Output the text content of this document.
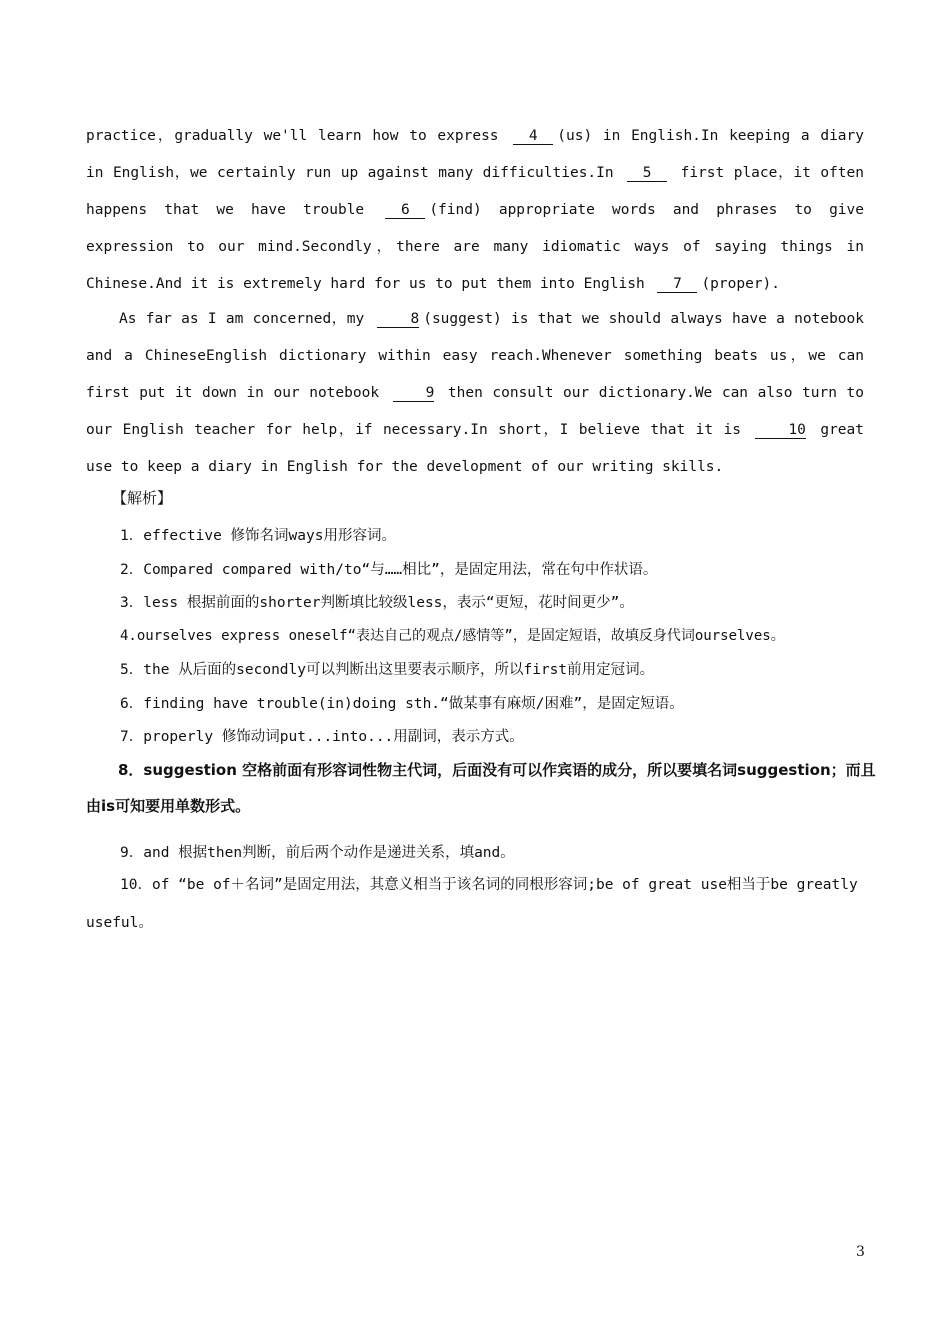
practice，gradually we'll learn how to express 4 (us) in English.In keeping a diary in English，we certainly run up against many difficulties.In 5 first place，it often happens that we have trouble 6 (find) appropriate words and phrases to give expression to our mind.Secondly，there are many idiomatic ways of saying things in Chinese.And it is extremely hard for us to put them into English 7 (proper).
As far as I am concerned，my	8 (suggest) is that we should always have a notebook and a ChineseEnglish dictionary within easy reach.Whenever something beats us，we can first put it down in our notebook	9 then consult our dictionary.We can also turn to our English teacher for help，if necessary.In short，I believe that it is	10 great use to keep a diary in English for the development of our writing skills.
【解析】
1．effective 修饰名词ways用形容词。
2．Compared compared with/to“与……相比”，是固定用法，常在句中作状语。
3．less 根据前面的shorter判断填比较级less，表示“更短，花时间更少”。
4.ourselves express oneself“表达自己的观点/感情等”，是固定短语，故填反身代词ourselves。
5．the 从后面的secondly可以判断出这里要表示顺序，所以first前用定冠词。
6．finding have trouble(in)doing sth.“做某事有麻烦/困难”，是固定短语。
7．properly 修饰动词put...into...用副词，表示方式。
8．suggestion 空格前面有形容词性物主代词，后面没有可以作宾语的成分，所以要填名词suggestion；而且由is可知要用单数形式。
9．and 根据then判断，前后两个动作是递进关系，填and。
10．of “be of＋名词”是固定用法，其意义相当于该名词的同根形容词;be of great use相当于be greatly useful。
3
